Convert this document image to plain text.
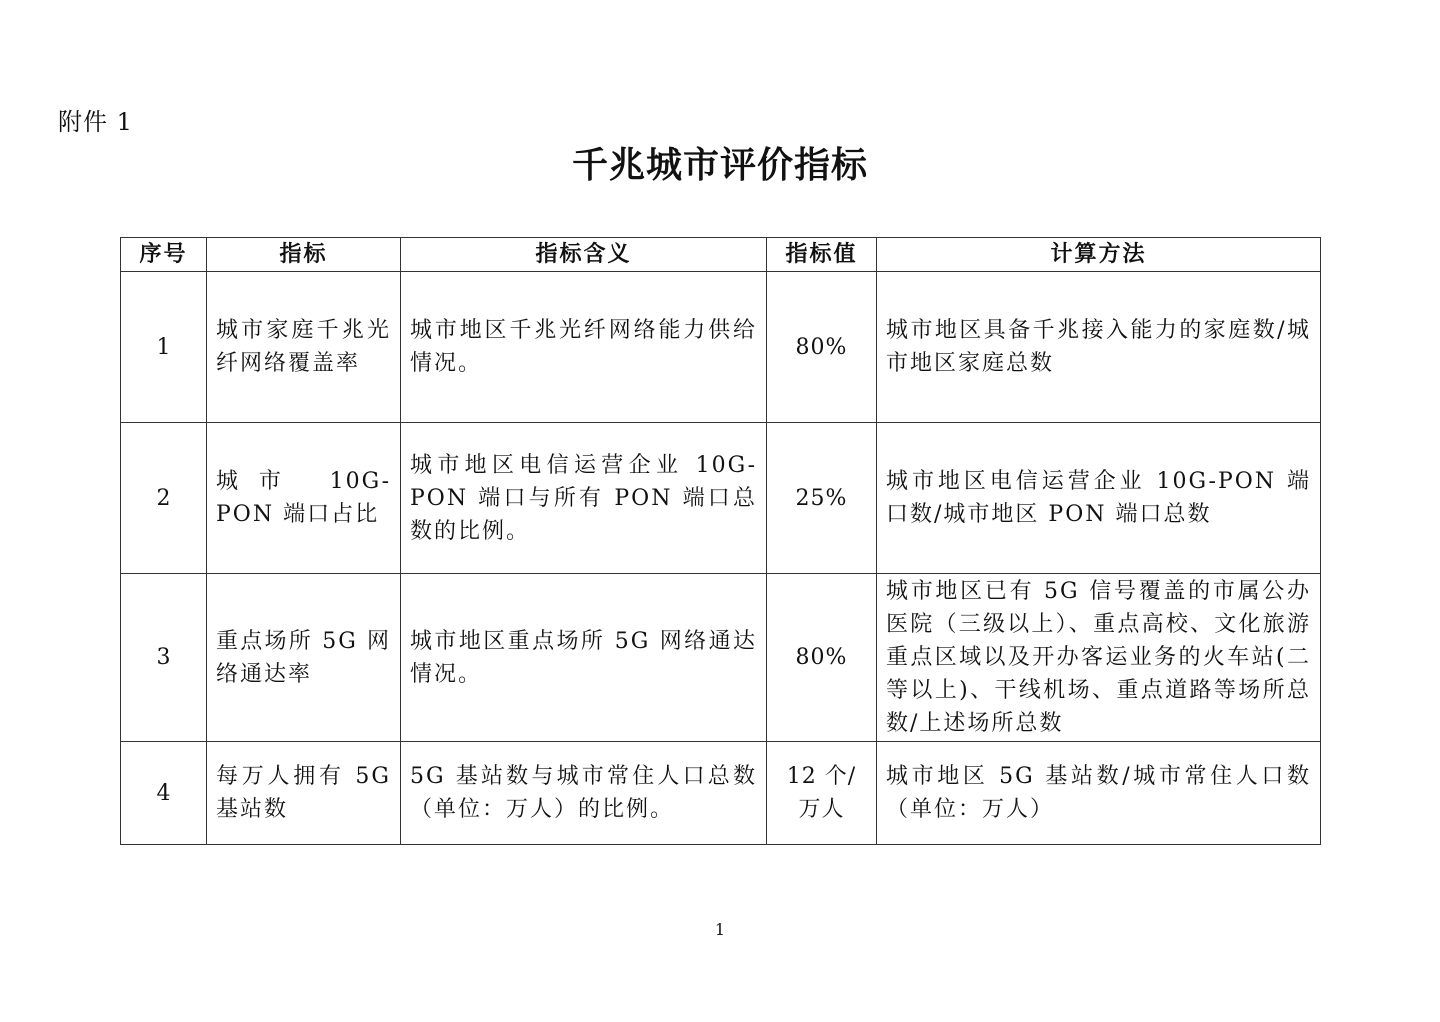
附件 1
千兆城市评价指标
序号	指标	指标含义	指标值	计算方法
1	城市家庭千兆光纤网络覆盖率	城市地区千兆光纤网络能力供给情况。	80%	城市地区具备千兆接入能力的家庭数/城市地区家庭总数
2	城市 10G-PON 端口占比	城市地区电信运营企业 10G-PON 端口与所有 PON 端口总数的比例。	25%	城市地区电信运营企业 10G-PON 端口数/城市地区 PON 端口总数
3	重点场所 5G 网络通达率	城市地区重点场所 5G 网络通达情况。	80%	城市地区已有 5G 信号覆盖的市属公办医院（三级以上）、重点高校、文化旅游重点区域以及开办客运业务的火车站(二等以上)、干线机场、重点道路等场所总数/上述场所总数
4	每万人拥有 5G 基站数	5G 基站数与城市常住人口总数（单位：万人）的比例。	12 个/万人	城市地区 5G 基站数/城市常住人口数（单位：万人）
1
